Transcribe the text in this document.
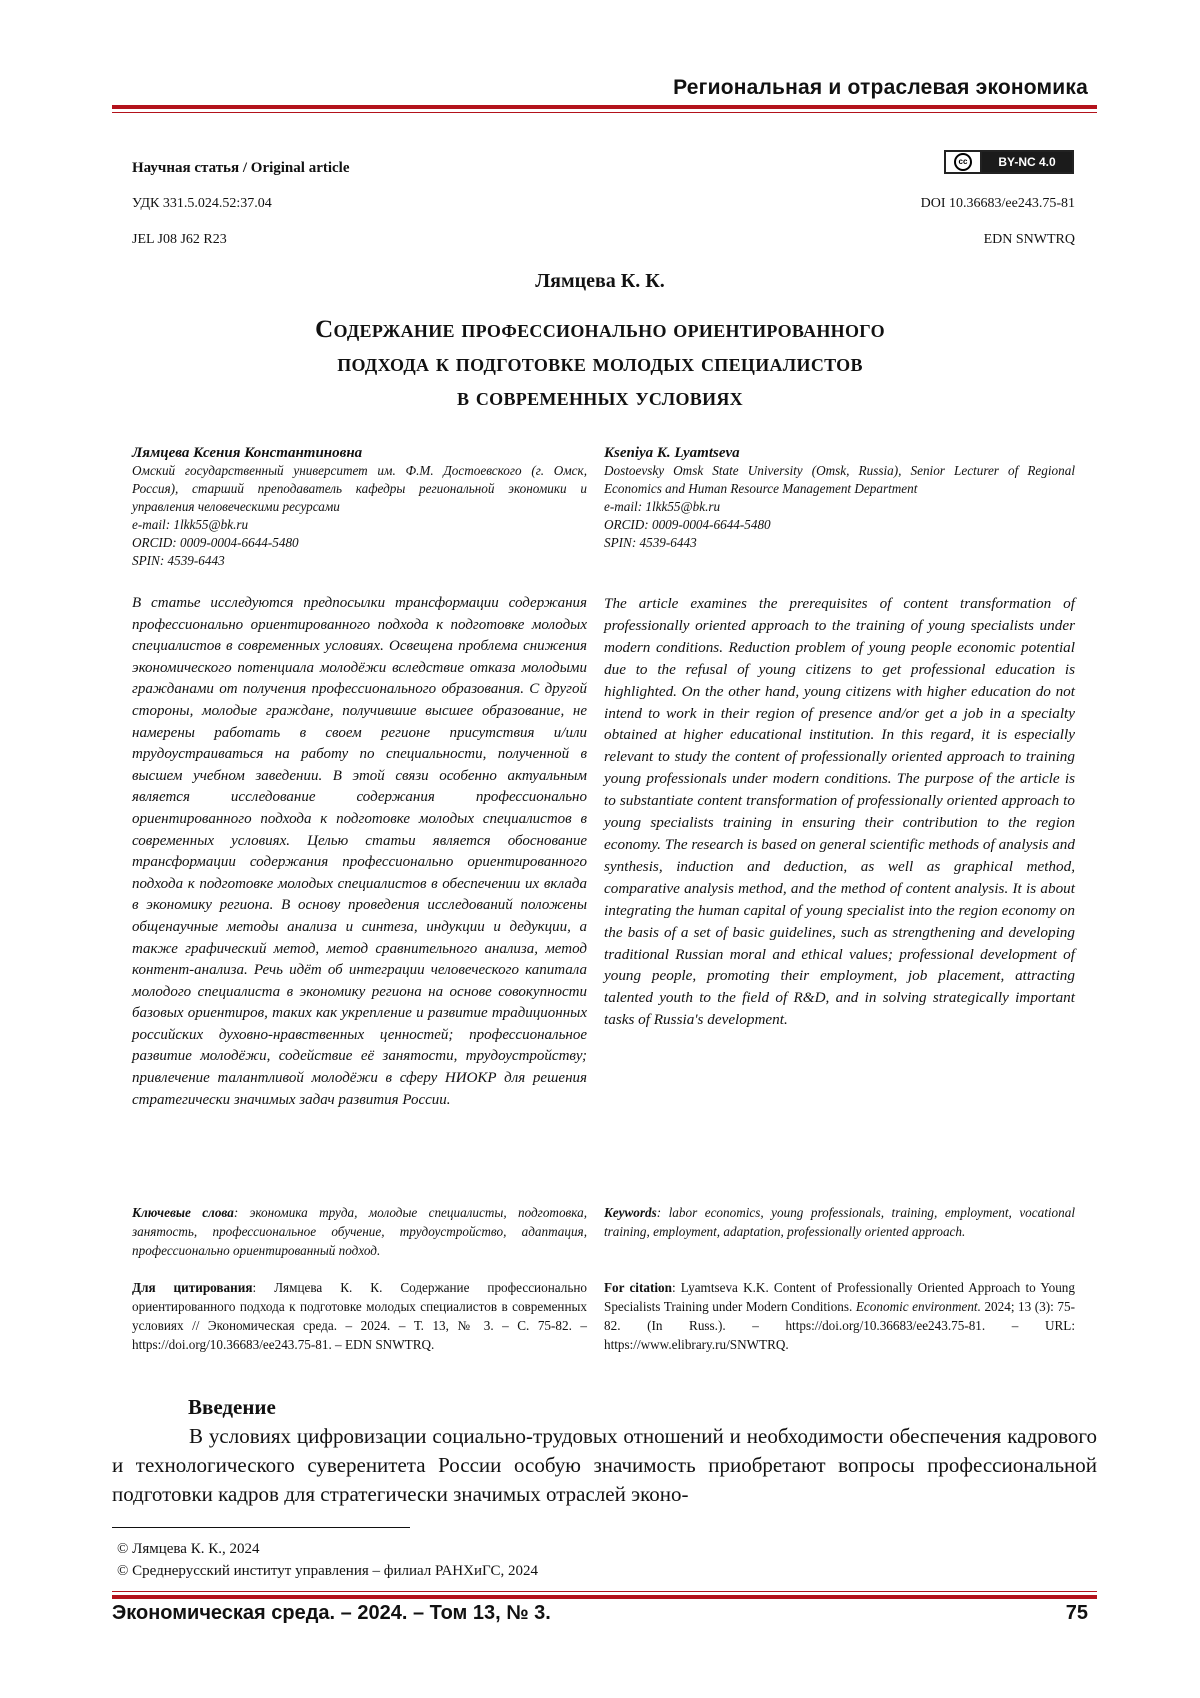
Региональная и отраслевая экономика
Научная статья / Original article	cc	BY-NC 4.0
УДК 331.5.024.52:37.04	DOI 10.36683/ee243.75-81
JEL J08 J62 R23	EDN SNWTRQ
Лямцева К. К.
Содержание профессионально ориентированного
подхода к подготовке молодых специалистов
в современных условиях
Лямцева Ксения Константиновна
Омский государственный университет им. Ф.М. Достоевского (г. Омск, Россия), старший преподаватель кафедры региональной экономики и управления человеческими ресурсами
e-mail: 1lkk55@bk.ru
ORCID: 0009-0004-6644-5480
SPIN: 4539-6443
Kseniya K. Lyamtseva
Dostoevsky Omsk State University (Omsk, Russia), Senior Lecturer of Regional Economics and Human Resource Management Department
e-mail: 1lkk55@bk.ru
ORCID: 0009-0004-6644-5480
SPIN: 4539-6443
В статье исследуются предпосылки трансформации содержания профессионально ориентированного подхода к подготовке молодых специалистов в современных условиях. Освещена проблема снижения экономического потенциала молодёжи вследствие отказа молодыми гражданами от получения профессионального образования. С другой стороны, молодые граждане, получившие высшее образование, не намерены работать в своем регионе присутствия и/или трудоустраиваться на работу по специальности, полученной в высшем учебном заведении. В этой связи особенно актуальным является исследование содержания профессионально ориентированного подхода к подготовке молодых специалистов в современных условиях. Целью статьи является обоснование трансформации содержания профессионально ориентированного подхода к подготовке молодых специалистов в обеспечении их вклада в экономику региона. В основу проведения исследований положены общенаучные методы анализа и синтеза, индукции и дедукции, а также графический метод, метод сравнительного анализа, метод контент-анализа. Речь идёт об интеграции человеческого капитала молодого специалиста в экономику региона на основе совокупности базовых ориентиров, таких как укрепление и развитие традиционных российских духовно-нравственных ценностей; профессиональное развитие молодёжи, содействие её занятости, трудоустройству; привлечение талантливой молодёжи в сферу НИОКР для решения стратегически значимых задач развития России.
The article examines the prerequisites of content transformation of professionally oriented approach to the training of young specialists under modern conditions. Reduction problem of young people economic potential due to the refusal of young citizens to get professional education is highlighted. On the other hand, young citizens with higher education do not intend to work in their region of presence and/or get a job in a specialty obtained at higher educational institution. In this regard, it is especially relevant to study the content of professionally oriented approach to training young professionals under modern conditions. The purpose of the article is to substantiate content transformation of professionally oriented approach to young specialists training in ensuring their contribution to the region economy. The research is based on general scientific methods of analysis and synthesis, induction and deduction, as well as graphical method, comparative analysis method, and the method of content analysis. It is about integrating the human capital of young specialist into the region economy on the basis of a set of basic guidelines, such as strengthening and developing traditional Russian moral and ethical values; professional development of young people, promoting their employment, job placement, attracting talented youth to the field of R&D, and in solving strategically important tasks of Russia's development.
Ключевые слова: экономика труда, молодые специалисты, подготовка, занятость, профессиональное обучение, трудоустройство, адаптация, профессионально ориентированный подход.
Keywords: labor economics, young professionals, training, employment, vocational training, employment, adaptation, professionally oriented approach.
Для цитирования: Лямцева К. К. Содержание профессионально ориентированного подхода к подготовке молодых специалистов в современных условиях // Экономическая среда. – 2024. – Т. 13, № 3. – С. 75-82. – https://doi.org/10.36683/ee243.75-81. – EDN SNWTRQ.
For citation: Lyamtseva K.K. Content of Professionally Oriented Approach to Young Specialists Training under Modern Conditions. Economic environment. 2024; 13 (3): 75-82. (In Russ.). – https://doi.org/10.36683/ee243.75-81. – URL: https://www.elibrary.ru/SNWTRQ.
Введение
В условиях цифровизации социально-трудовых отношений и необходимости обеспечения кадрового и технологического суверенитета России особую значимость приобретают вопросы профессиональной подготовки кадров для стратегически значимых отраслей эконо-
© Лямцева К. К., 2024
© Среднерусский институт управления – филиал РАНХиГС, 2024
Экономическая среда. – 2024. – Том 13, № 3.	75
